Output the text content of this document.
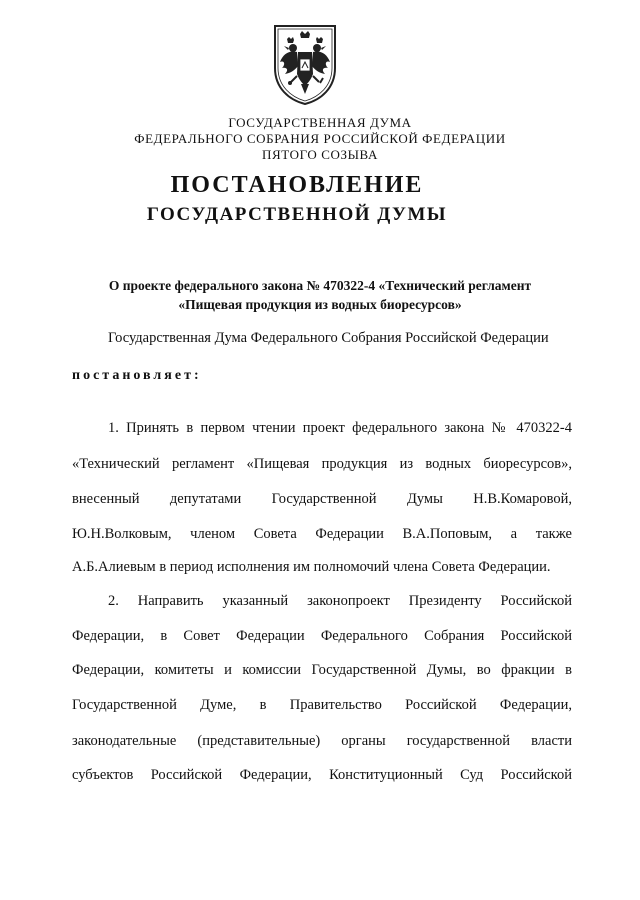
ГОСУДАРСТВЕННАЯ ДУМА

ФЕДЕРАЛЬНОГО СОБРАНИЯ РОССИЙСКОЙ ФЕДЕРАЦИИ

ПЯТОГО СОЗЫВА

ПОСТАНОВЛЕНИЕ
ГОСУДАРСТВЕННОЙ ДУМЫ
О проекте федерального закона № 470322-4 «Технический регламент
«Пищевая продукция из водных биоресурсов»
Государственная Дума Федерального Собрания Российской Федерации
постановляет:
1. Принять в первом чтении проект федерального закона № 470322-4
«Технический регламент «Пищевая продукция из водных биоресурсов»,
внесенный депутатами Государственной Думы Н.В.Комаровой,
Ю.Н.Волковым, членом Совета Федерации В.А.Поповым, а также
А.Б.Алиевым в период исполнения им полномочий члена Совета Федерации.
2. Направить указанный законопроект Президенту Российской
Федерации, в Совет Федерации Федерального Собрания Российской
Федерации, комитеты и комиссии Государственной Думы, во фракции в
Государственной Думе, в Правительство Российской Федерации,
законодательные (представительные) органы государственной власти
субъектов Российской Федерации, Конституционный Суд Российской
